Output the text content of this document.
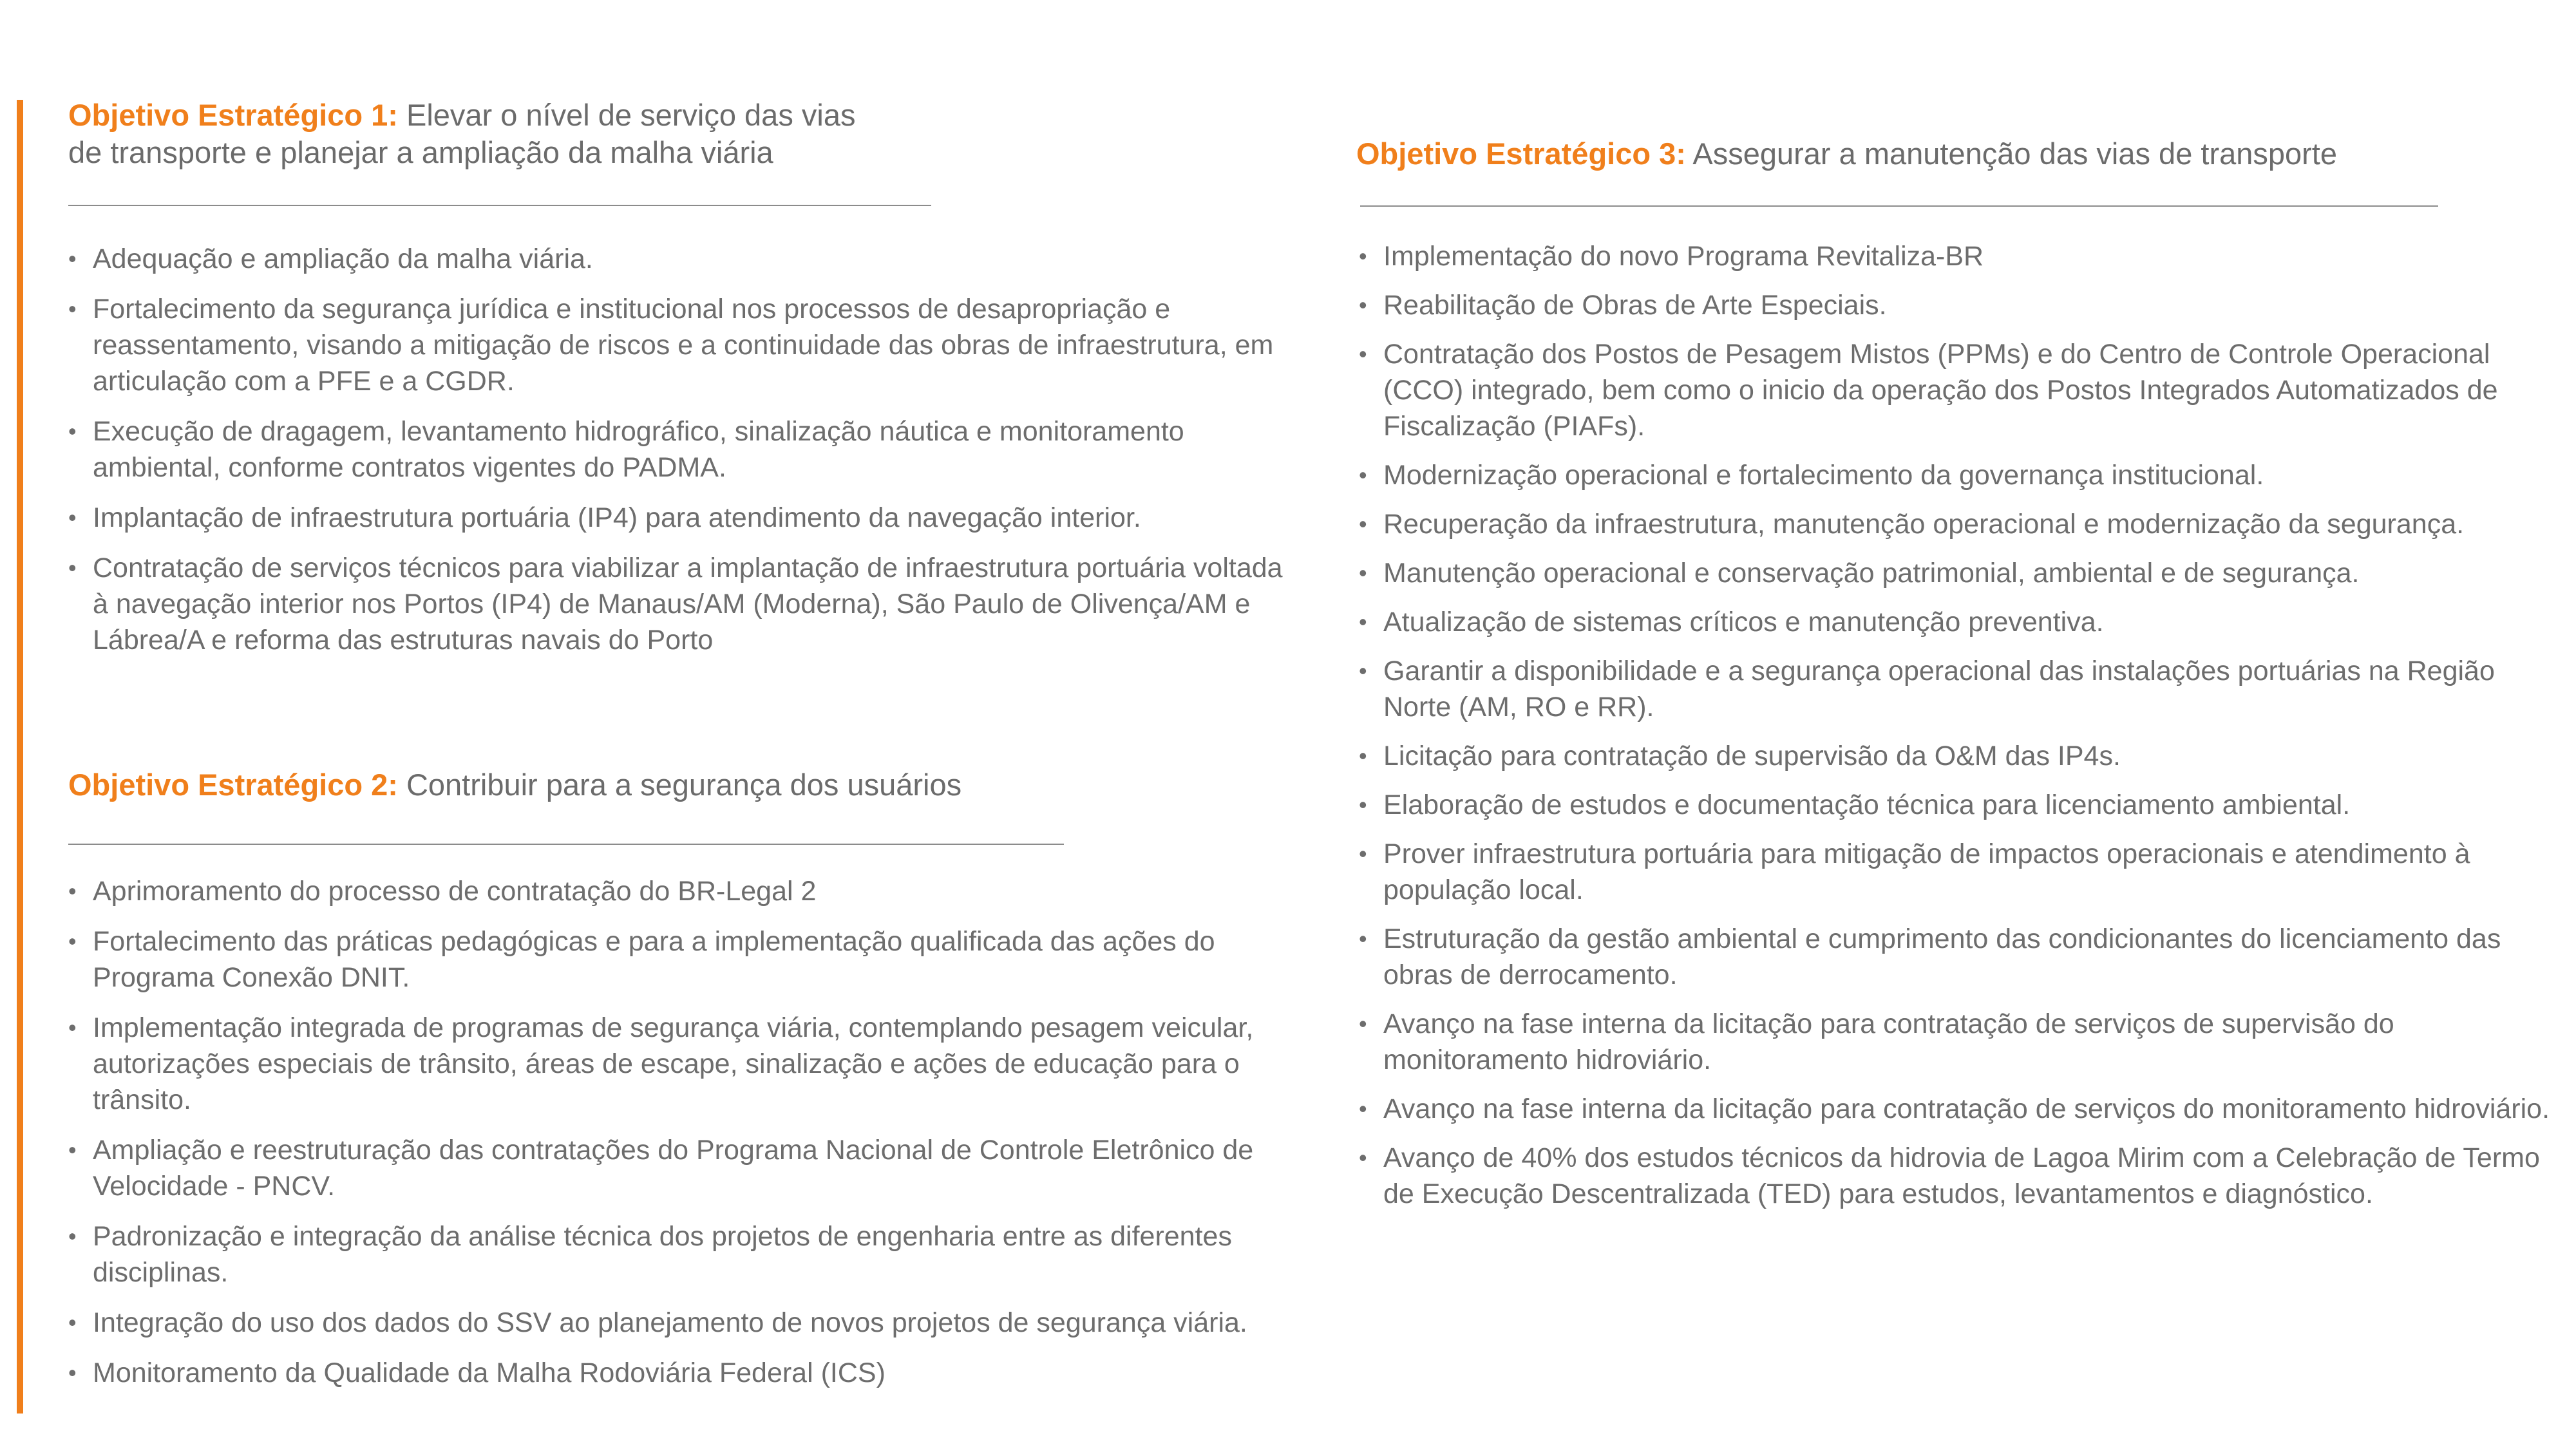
Objetivo Estratégico 1: Elevar o nível de serviço das vias
de transporte e planejar a ampliação da malha viária

• Adequação e ampliação da malha viária.
• Fortalecimento da segurança jurídica e institucional nos processos de desapropriação e reassentamento, visando a mitigação de riscos e a continuidade das obras de infraestrutura, em articulação com a PFE e a CGDR.
• Execução de dragagem, levantamento hidrográfico, sinalização náutica e monitoramento ambiental, conforme contratos vigentes do PADMA.
• Implantação de infraestrutura portuária (IP4) para atendimento da navegação interior.
• Contratação de serviços técnicos para viabilizar a implantação de infraestrutura portuária voltada à navegação interior nos Portos (IP4) de Manaus/AM (Moderna), São Paulo de Olivença/AM e Lábrea/A e reforma das estruturas navais do Porto

Objetivo Estratégico 2: Contribuir para a segurança dos usuários

• Aprimoramento do processo de contratação do BR-Legal 2
• Fortalecimento das práticas pedagógicas e para a implementação qualificada das ações do Programa Conexão DNIT.
• Implementação integrada de programas de segurança viária, contemplando pesagem veicular, autorizações especiais de trânsito, áreas de escape, sinalização e ações de educação para o trânsito.
• Ampliação e reestruturação das contratações do Programa Nacional de Controle Eletrônico de Velocidade - PNCV.
• Padronização e integração da análise técnica dos projetos de engenharia entre as diferentes disciplinas.
• Integração do uso dos dados do SSV ao planejamento de novos projetos de segurança viária.
• Monitoramento da Qualidade da Malha Rodoviária Federal (ICS)

Objetivo Estratégico 3: Assegurar a manutenção das vias de transporte

• Implementação do novo Programa Revitaliza-BR
• Reabilitação de Obras de Arte Especiais.
• Contratação dos Postos de Pesagem Mistos (PPMs) e do Centro de Controle Operacional (CCO) integrado, bem como o inicio da operação dos Postos Integrados Automatizados de Fiscalização (PIAFs).
• Modernização operacional e fortalecimento da governança institucional.
• Recuperação da infraestrutura, manutenção operacional e modernização da segurança.
• Manutenção operacional e conservação patrimonial, ambiental e de segurança.
• Atualização de sistemas críticos e manutenção preventiva.
• Garantir a disponibilidade e a segurança operacional das instalações portuárias na Região Norte (AM, RO e RR).
• Licitação para contratação de supervisão da O&M das IP4s.
• Elaboração de estudos e documentação técnica para licenciamento ambiental.
• Prover infraestrutura portuária para mitigação de impactos operacionais e atendimento à população local.
• Estruturação da gestão ambiental e cumprimento das condicionantes do licenciamento das obras de derrocamento.
• Avanço na fase interna da licitação para contratação de serviços de supervisão do monitoramento hidroviário.
• Avanço na fase interna da licitação para contratação de serviços do monitoramento hidroviário.
• Avanço de 40% dos estudos técnicos da hidrovia de Lagoa Mirim com a Celebração de Termo de Execução Descentralizada (TED) para estudos, levantamentos e diagnóstico.
